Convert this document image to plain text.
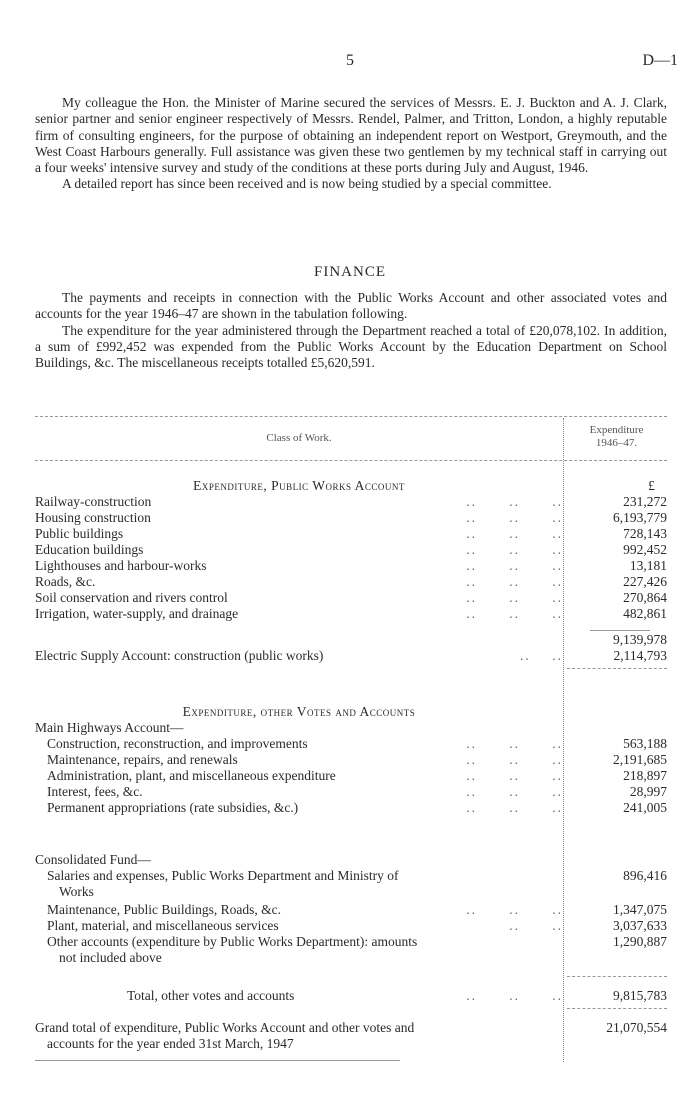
5	D—1

My colleague the Hon. the Minister of Marine secured the services of Messrs. E. J. Buckton and A. J. Clark, senior partner and senior engineer respectively of Messrs. Rendel, Palmer, and Tritton, London, a highly reputable firm of consulting engineers, for the purpose of obtaining an independent report on Westport, Greymouth, and the West Coast Harbours generally. Full assistance was given these two gentlemen by my technical staff in carrying out a four weeks' intensive survey and study of the conditions at these ports during July and August, 1946.

A detailed report has since been received and is now being studied by a special committee.

FINANCE

The payments and receipts in connection with the Public Works Account and other associated votes and accounts for the year 1946–47 are shown in the tabulation following.

The expenditure for the year administered through the Department reached a total of £20,078,102. In addition, a sum of £992,452 was expended from the Public Works Account by the Education Department on School Buildings, &c. The miscellaneous receipts totalled £5,620,591.

Class of Work.
Expenditure
1946–47.
Expenditure, Public Works Account	£
Railway-construction	..      ..      ..	231,272
Housing construction	..      ..      ..	6,193,779
Public buildings	..      ..      ..	728,143
Education buildings	..      ..      ..	992,452
Lighthouses and harbour-works	..      ..      ..	13,181
Roads, &c.	..      ..      ..	227,426
Soil conservation and rivers control	..      ..      ..	270,864
Irrigation, water-supply, and drainage	..      ..      ..	482,861
9,139,978
Electric Supply Account: construction (public works)	..    ..	2,114,793
Expenditure, other Votes and Accounts
Main Highways Account—
Construction, reconstruction, and improvements	..      ..      ..	563,188
Maintenance, repairs, and renewals	..      ..      ..	2,191,685
Administration, plant, and miscellaneous expenditure	..      ..      ..	218,897
Interest, fees, &c.	..      ..      ..	28,997
Permanent appropriations (rate subsidies, &c.)	..      ..      ..	241,005
Consolidated Fund—
Salaries and expenses, Public Works Department and Ministry of	896,416
Works
Maintenance, Public Buildings, Roads, &c.	..      ..      ..	1,347,075
Plant, material, and miscellaneous services	..      ..	3,037,633
Other accounts (expenditure by Public Works Department): amounts	1,290,887
not included above
Total, other votes and accounts	..      ..      ..	9,815,783
Grand total of expenditure, Public Works Account and other votes and	21,070,554
accounts for the year ended 31st March, 1947
